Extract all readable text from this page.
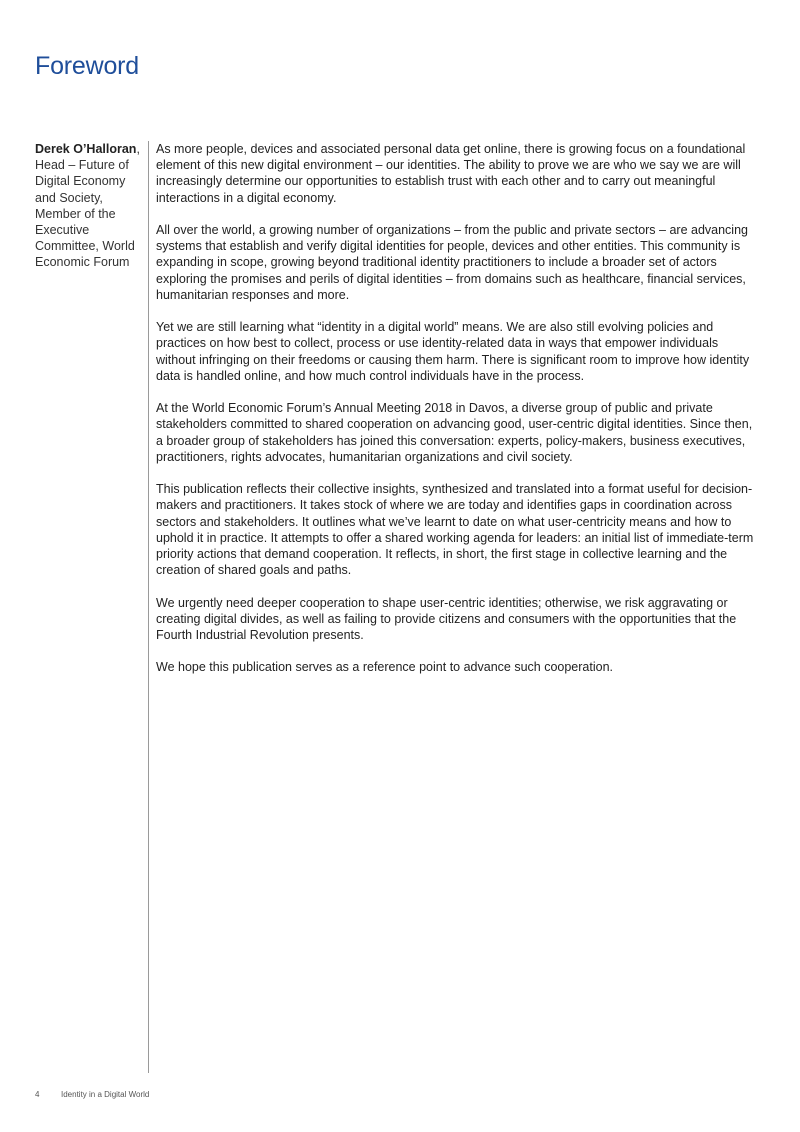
Foreword
Derek O’Halloran, Head – Future of Digital Economy and Society, Member of the Executive Committee, World Economic Forum

As more people, devices and associated personal data get online, there is growing focus on a foundational element of this new digital environment – our identities. The ability to prove we are who we say we are will increasingly determine our opportunities to establish trust with each other and to carry out meaningful interactions in a digital economy.

All over the world, a growing number of organizations – from the public and private sectors – are advancing systems that establish and verify digital identities for people, devices and other entities. This community is expanding in scope, growing beyond traditional identity practitioners to include a broader set of actors exploring the promises and perils of digital identities – from domains such as healthcare, financial services, humanitarian responses and more.

Yet we are still learning what “identity in a digital world” means. We are also still evolving policies and practices on how best to collect, process or use identity-related data in ways that empower individuals without infringing on their freedoms or causing them harm. There is significant room to improve how identity data is handled online, and how much control individuals have in the process.

At the World Economic Forum’s Annual Meeting 2018 in Davos, a diverse group of public and private stakeholders committed to shared cooperation on advancing good, user-centric digital identities. Since then, a broader group of stakeholders has joined this conversation: experts, policy-makers, business executives, practitioners, rights advocates, humanitarian organizations and civil society.

This publication reflects their collective insights, synthesized and translated into a format useful for decision-makers and practitioners. It takes stock of where we are today and identifies gaps in coordination across sectors and stakeholders. It outlines what we’ve learnt to date on what user-centricity means and how to uphold it in practice. It attempts to offer a shared working agenda for leaders: an initial list of immediate-term priority actions that demand cooperation. It reflects, in short, the first stage in collective learning and the creation of shared goals and paths.

We urgently need deeper cooperation to shape user-centric identities; otherwise, we risk aggravating or creating digital divides, as well as failing to provide citizens and consumers with the opportunities that the Fourth Industrial Revolution presents.

We hope this publication serves as a reference point to advance such cooperation.

4	Identity in a Digital World
